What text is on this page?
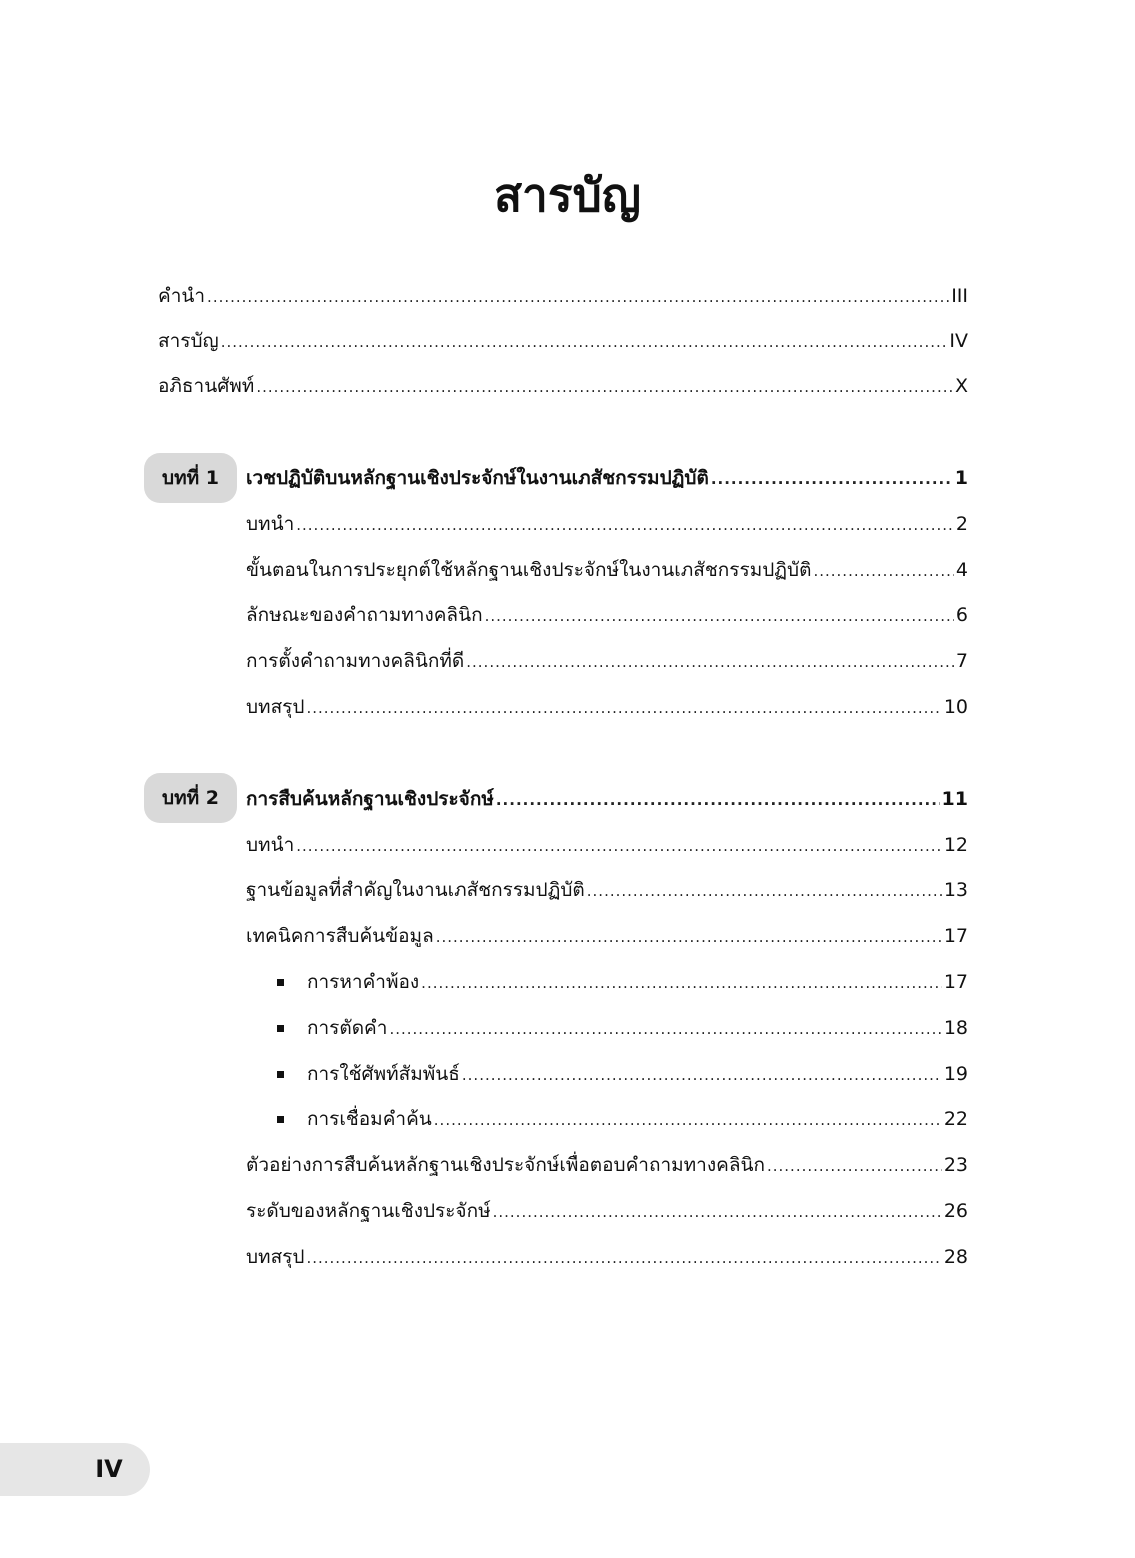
สารบัญ
คำนำ .....	III
สารบัญ .....	IV
อภิธานศัพท์ .....	X
บทที่ 1	เวชปฏิบัติบนหลักฐานเชิงประจักษ์ในงานเภสัชกรรมปฏิบัติ .....	1
บทนำ .....	2
ขั้นตอนในการประยุกต์ใช้หลักฐานเชิงประจักษ์ในงานเภสัชกรรมปฏิบัติ .....	4
ลักษณะของคำถามทางคลินิก .....	6
การตั้งคำถามทางคลินิกที่ดี .....	7
บทสรุป .....	10
บทที่ 2	การสืบค้นหลักฐานเชิงประจักษ์ .....	11
บทนำ .....	12
ฐานข้อมูลที่สำคัญในงานเภสัชกรรมปฏิบัติ .....	13
เทคนิคการสืบค้นข้อมูล .....	17
การหาคำพ้อง .....	17
การตัดคำ .....	18
การใช้ศัพท์สัมพันธ์ .....	19
การเชื่อมคำค้น .....	22
ตัวอย่างการสืบค้นหลักฐานเชิงประจักษ์เพื่อตอบคำถามทางคลินิก .....	23
ระดับของหลักฐานเชิงประจักษ์ .....	26
บทสรุป .....	28
IV
